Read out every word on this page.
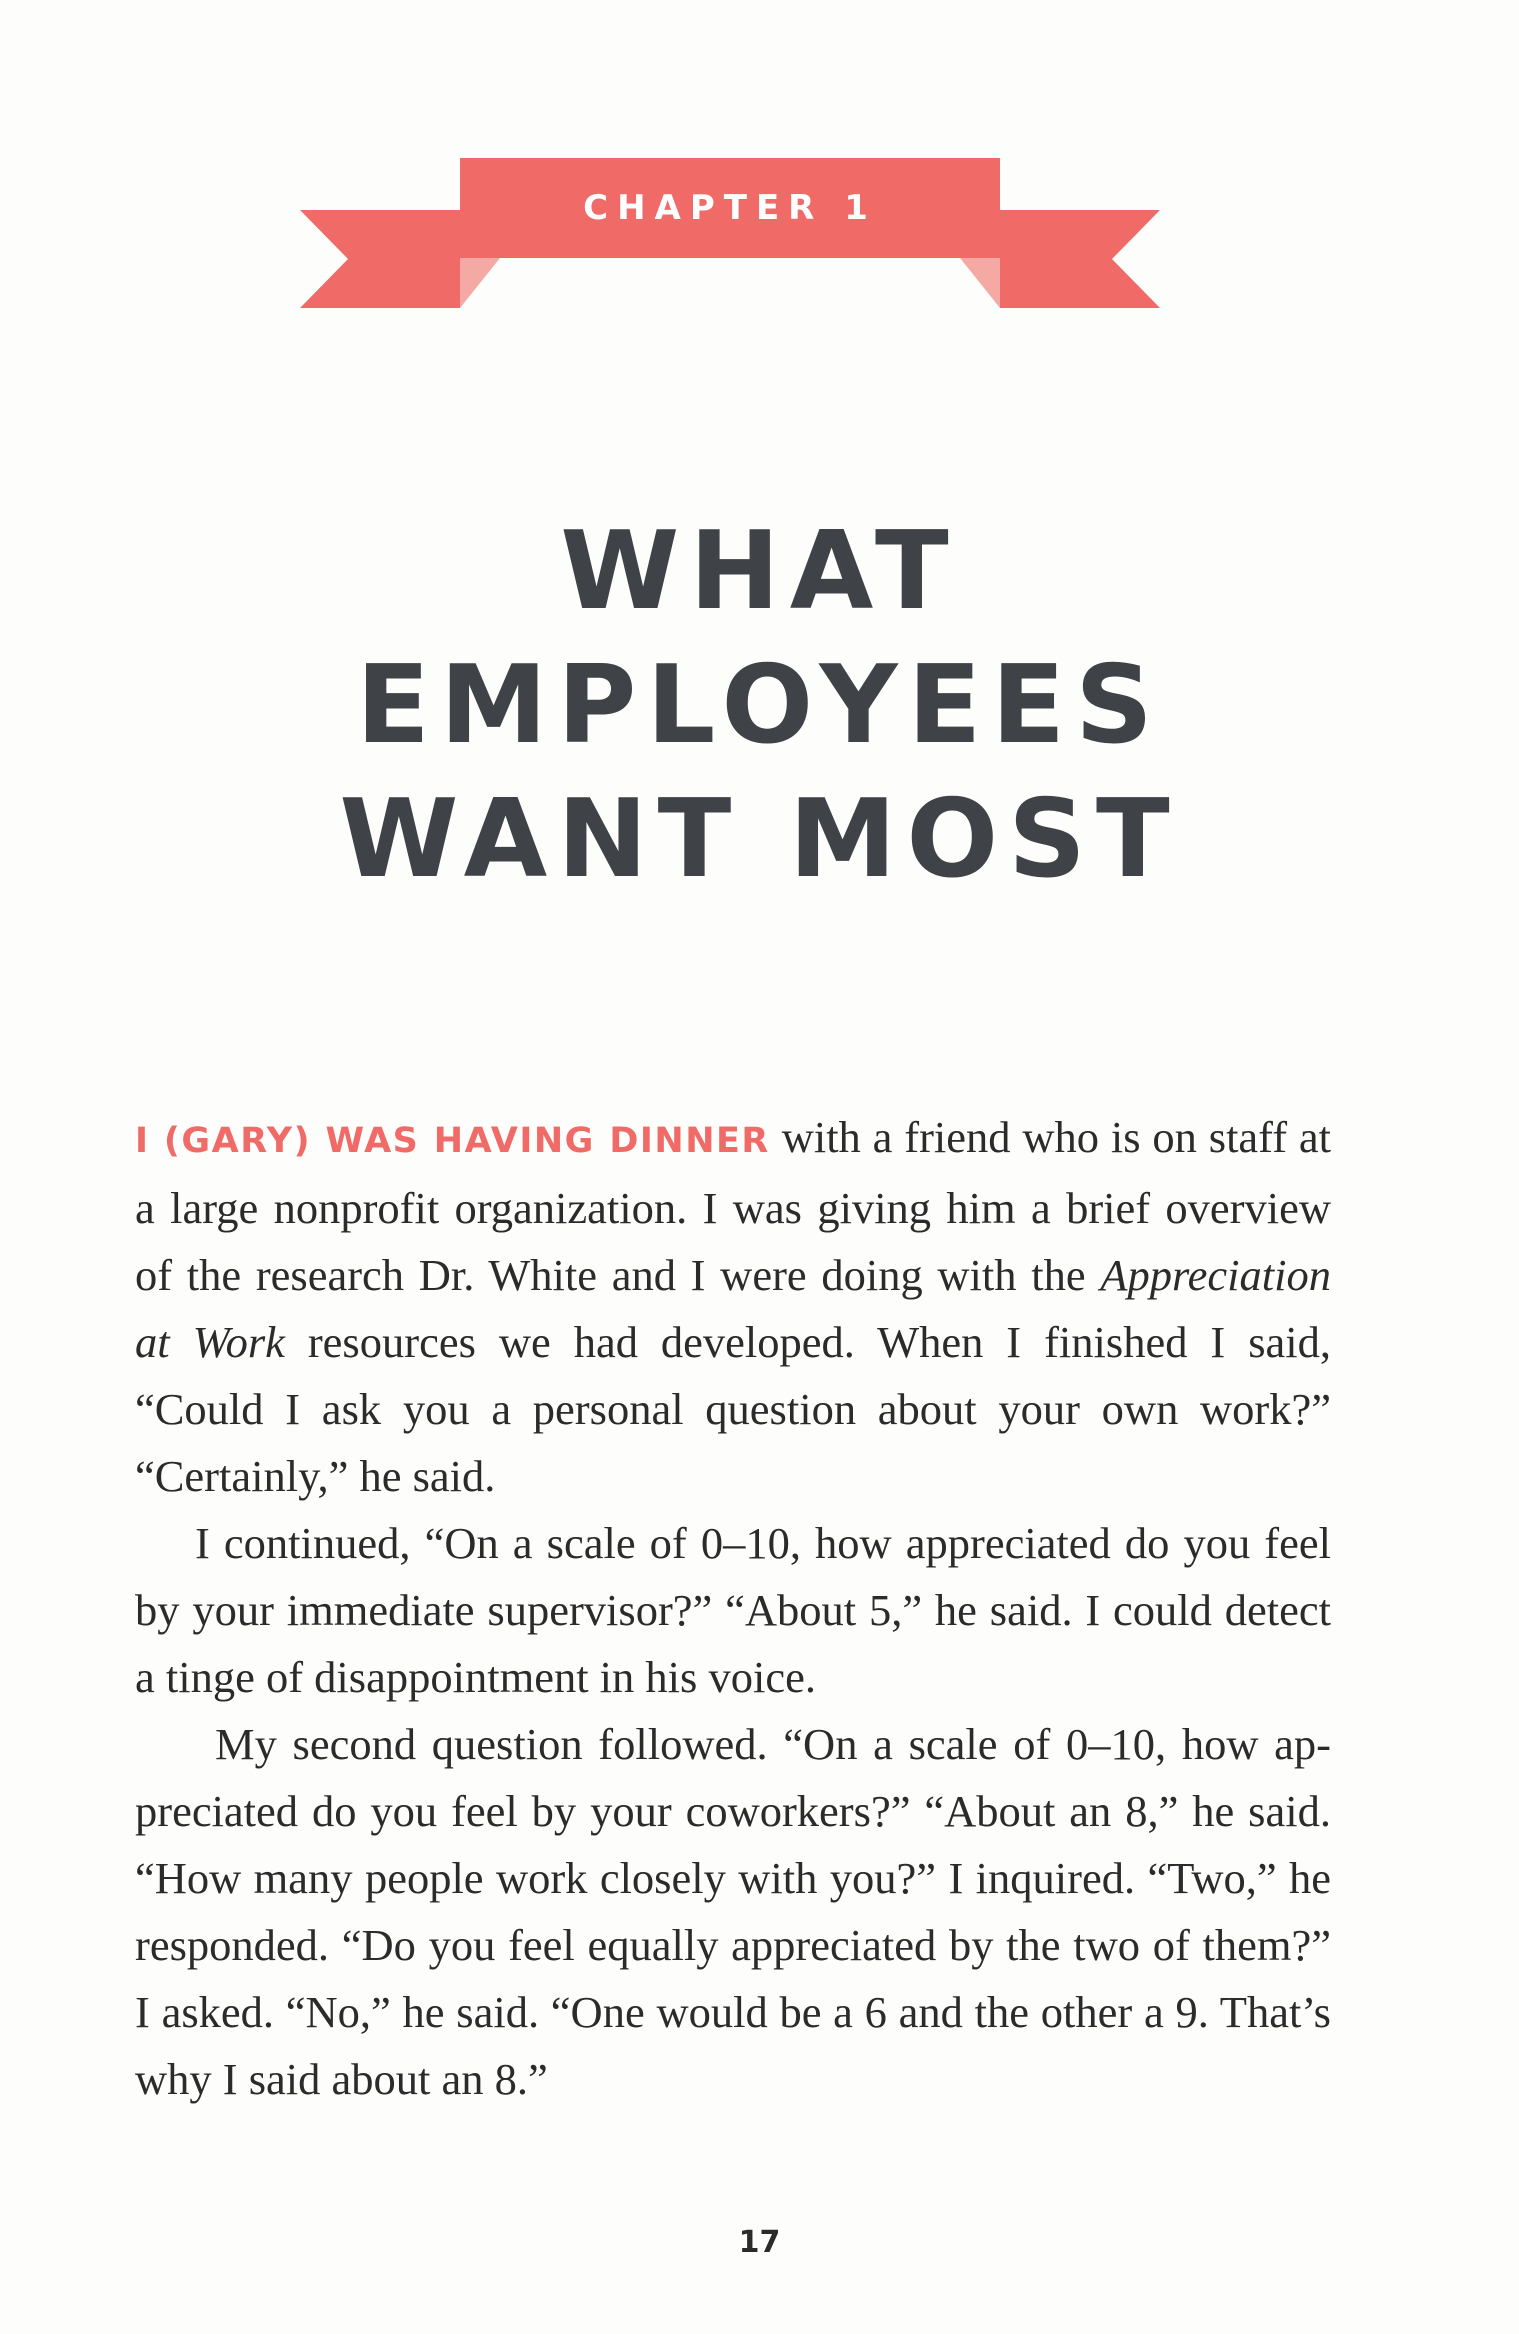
CHAPTER 1
WHAT
EMPLOYEES
WANT MOST

I (GARY) WAS HAVING DINNER with a friend who is on staff at
a large nonprofit organization. I was giving him a brief overview
of the research Dr. White and I were doing with the Appreciation
at Work resources we had developed. When I finished I said,
“Could I ask you a personal question about your own work?”
“Certainly,” he said.

I continued, “On a scale of 0–10, how appreciated do you feel
by your immediate supervisor?” “About 5,” he said. I could detect
a tinge of disappointment in his voice.

My second question followed. “On a scale of 0–10, how ap-
preciated do you feel by your coworkers?” “About an 8,” he said.
“How many people work closely with you?” I inquired. “Two,” he
responded. “Do you feel equally appreciated by the two of them?”
I asked. “No,” he said. “One would be a 6 and the other a 9. That’s
why I said about an 8.”

17
